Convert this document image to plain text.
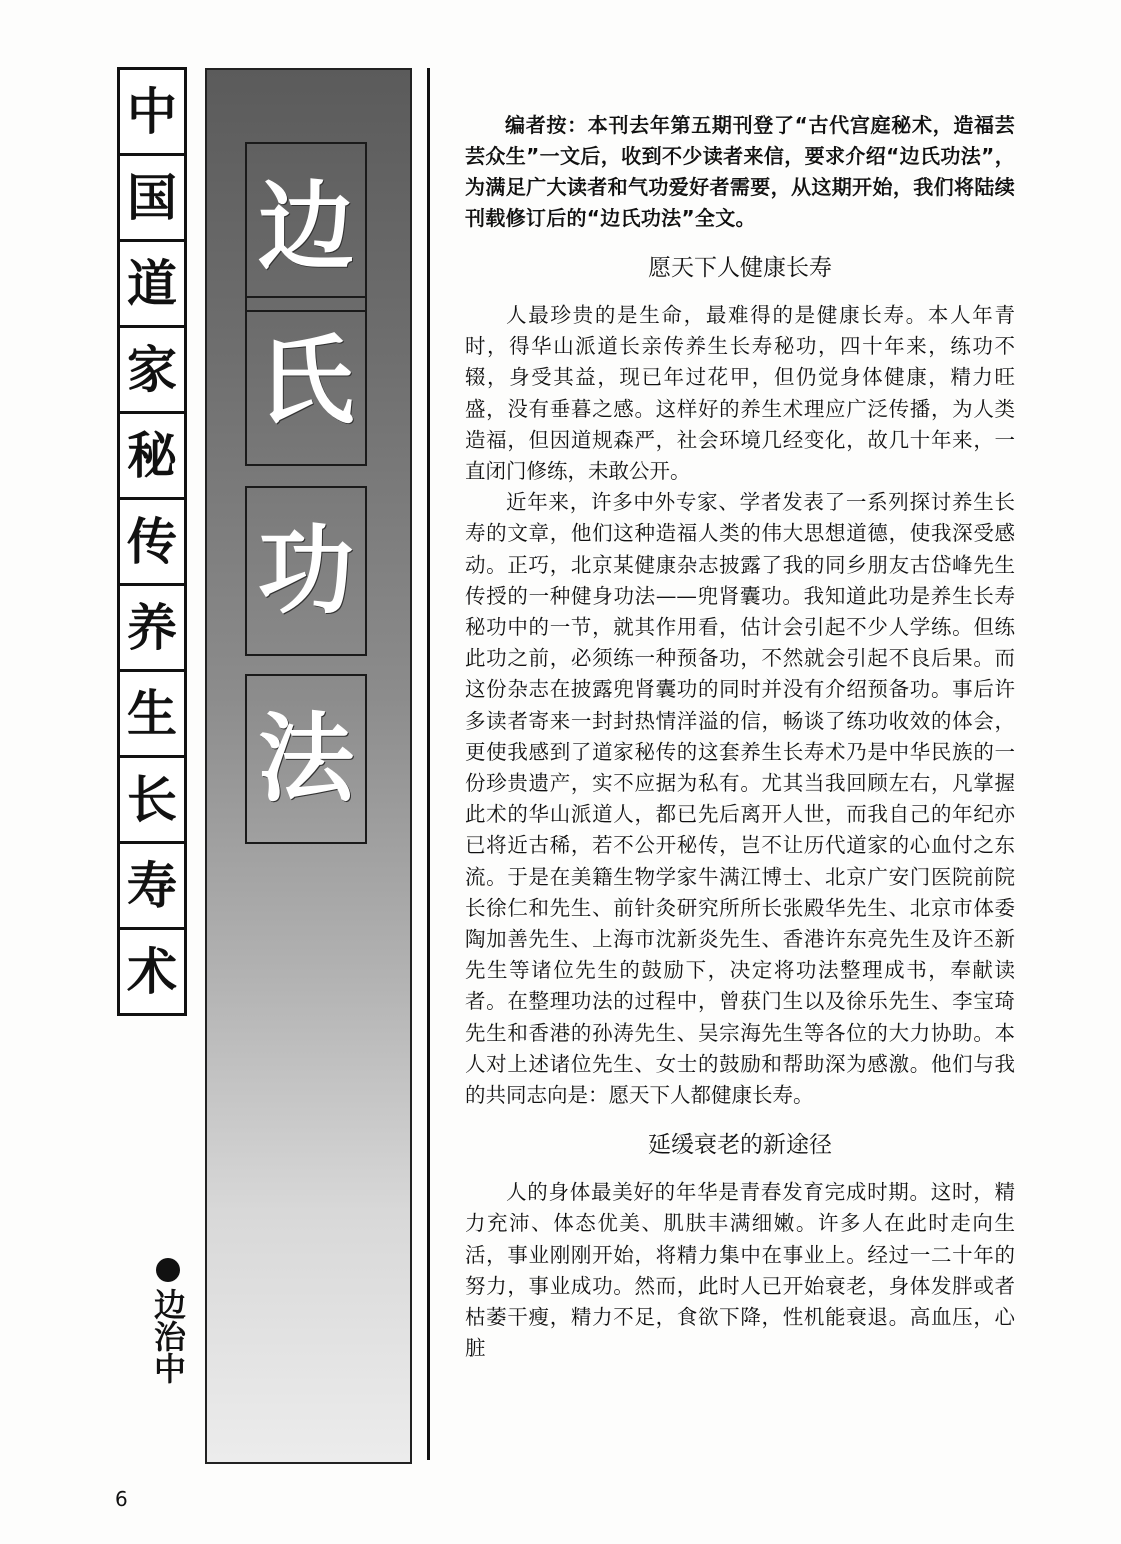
中
国
道
家
秘
传
养
生
长
寿
术
边
氏
功
法
边治中

编者按：本刊去年第五期刊登了“古代宫庭秘术，造福芸芸众生”一文后，收到不少读者来信，要求介绍“边氏功法”，为满足广大读者和气功爱好者需要，从这期开始，我们将陆续刊载修订后的“边氏功法”全文。

愿天下人健康长寿

人最珍贵的是生命，最难得的是健康长寿。本人年青时，得华山派道长亲传养生长寿秘功，四十年来，练功不辍，身受其益，现已年过花甲，但仍觉身体健康，精力旺盛，没有垂暮之感。这样好的养生术理应广泛传播，为人类造福，但因道规森严，社会环境几经变化，故几十年来，一直闭门修练，未敢公开。

近年来，许多中外专家、学者发表了一系列探讨养生长寿的文章，他们这种造福人类的伟大思想道德，使我深受感动。正巧，北京某健康杂志披露了我的同乡朋友古岱峰先生传授的一种健身功法——兜肾囊功。我知道此功是养生长寿秘功中的一节，就其作用看，估计会引起不少人学练。但练此功之前，必须练一种预备功，不然就会引起不良后果。而这份杂志在披露兜肾囊功的同时并没有介绍预备功。事后许多读者寄来一封封热情洋溢的信，畅谈了练功收效的体会，更使我感到了道家秘传的这套养生长寿术乃是中华民族的一份珍贵遗产，实不应据为私有。尤其当我回顾左右，凡掌握此术的华山派道人，都已先后离开人世，而我自己的年纪亦已将近古稀，若不公开秘传，岂不让历代道家的心血付之东流。于是在美籍生物学家牛满江博士、北京广安门医院前院长徐仁和先生、前针灸研究所所长张殿华先生、北京市体委陶加善先生、上海市沈新炎先生、香港许东亮先生及许丕新先生等诸位先生的鼓励下，决定将功法整理成书，奉献读者。在整理功法的过程中，曾获门生以及徐乐先生、李宝琦先生和香港的孙涛先生、吴宗海先生等各位的大力协助。本人对上述诸位先生、女士的鼓励和帮助深为感激。他们与我的共同志向是：愿天下人都健康长寿。

延缓衰老的新途径

人的身体最美好的年华是青春发育完成时期。这时，精力充沛、体态优美、肌肤丰满细嫩。许多人在此时走向生活，事业刚刚开始，将精力集中在事业上。经过一二十年的努力，事业成功。然而，此时人已开始衰老，身体发胖或者枯萎干瘦，精力不足，食欲下降，性机能衰退。高血压，心脏

6
